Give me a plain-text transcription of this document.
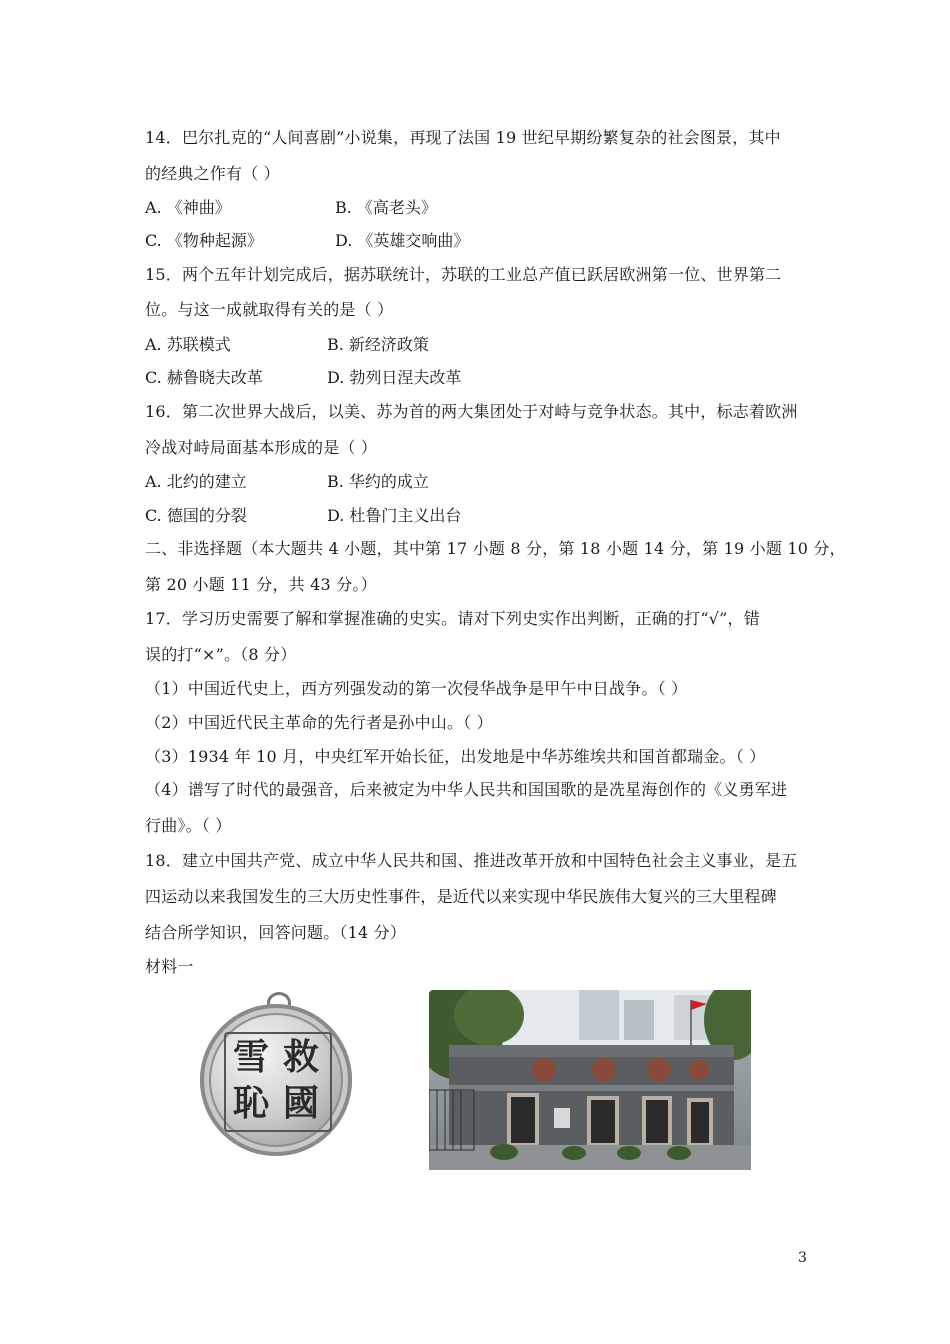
14．巴尔扎克的“人间喜剧”小说集，再现了法国 19 世纪早期纷繁复杂的社会图景，其中
的经典之作有（ ）
A. 《神曲》	B. 《高老头》
C. 《物种起源》	D. 《英雄交响曲》
15．两个五年计划完成后，据苏联统计，苏联的工业总产值已跃居欧洲第一位、世界第二
位。与这一成就取得有关的是（ ）
A. 苏联模式	B. 新经济政策
C. 赫鲁晓夫改革	D. 勃列日涅夫改革
16．第二次世界大战后，以美、苏为首的两大集团处于对峙与竞争状态。其中，标志着欧洲
冷战对峙局面基本形成的是（ ）
A. 北约的建立	B. 华约的成立
C. 德国的分裂	D. 杜鲁门主义出台
二、非选择题（本大题共 4 小题，其中第 17 小题 8 分，第 18 小题 14 分，第 19 小题 10 分，
第 20 小题 11 分，共 43 分。）
17．学习历史需要了解和掌握准确的史实。请对下列史实作出判断，正确的打“√”，错
误的打“×”。（8 分）
（1）中国近代史上，西方列强发动的第一次侵华战争是甲午中日战争。（ ）
（2）中国近代民主革命的先行者是孙中山。（ ）
（3）1934 年 10 月，中央红军开始长征，出发地是中华苏维埃共和国首都瑞金。（ ）
（4）谱写了时代的最强音，后来被定为中华人民共和国国歌的是冼星海创作的《义勇军进
行曲》。（ ）
18．建立中国共产党、成立中华人民共和国、推进改革开放和中国特色社会主义事业，是五
四运动以来我国发生的三大历史性事件，是近代以来实现中华民族伟大复兴的三大里程碑
结合所学知识，回答问题。（14 分）
材料一
雪 救
恥 國
3
